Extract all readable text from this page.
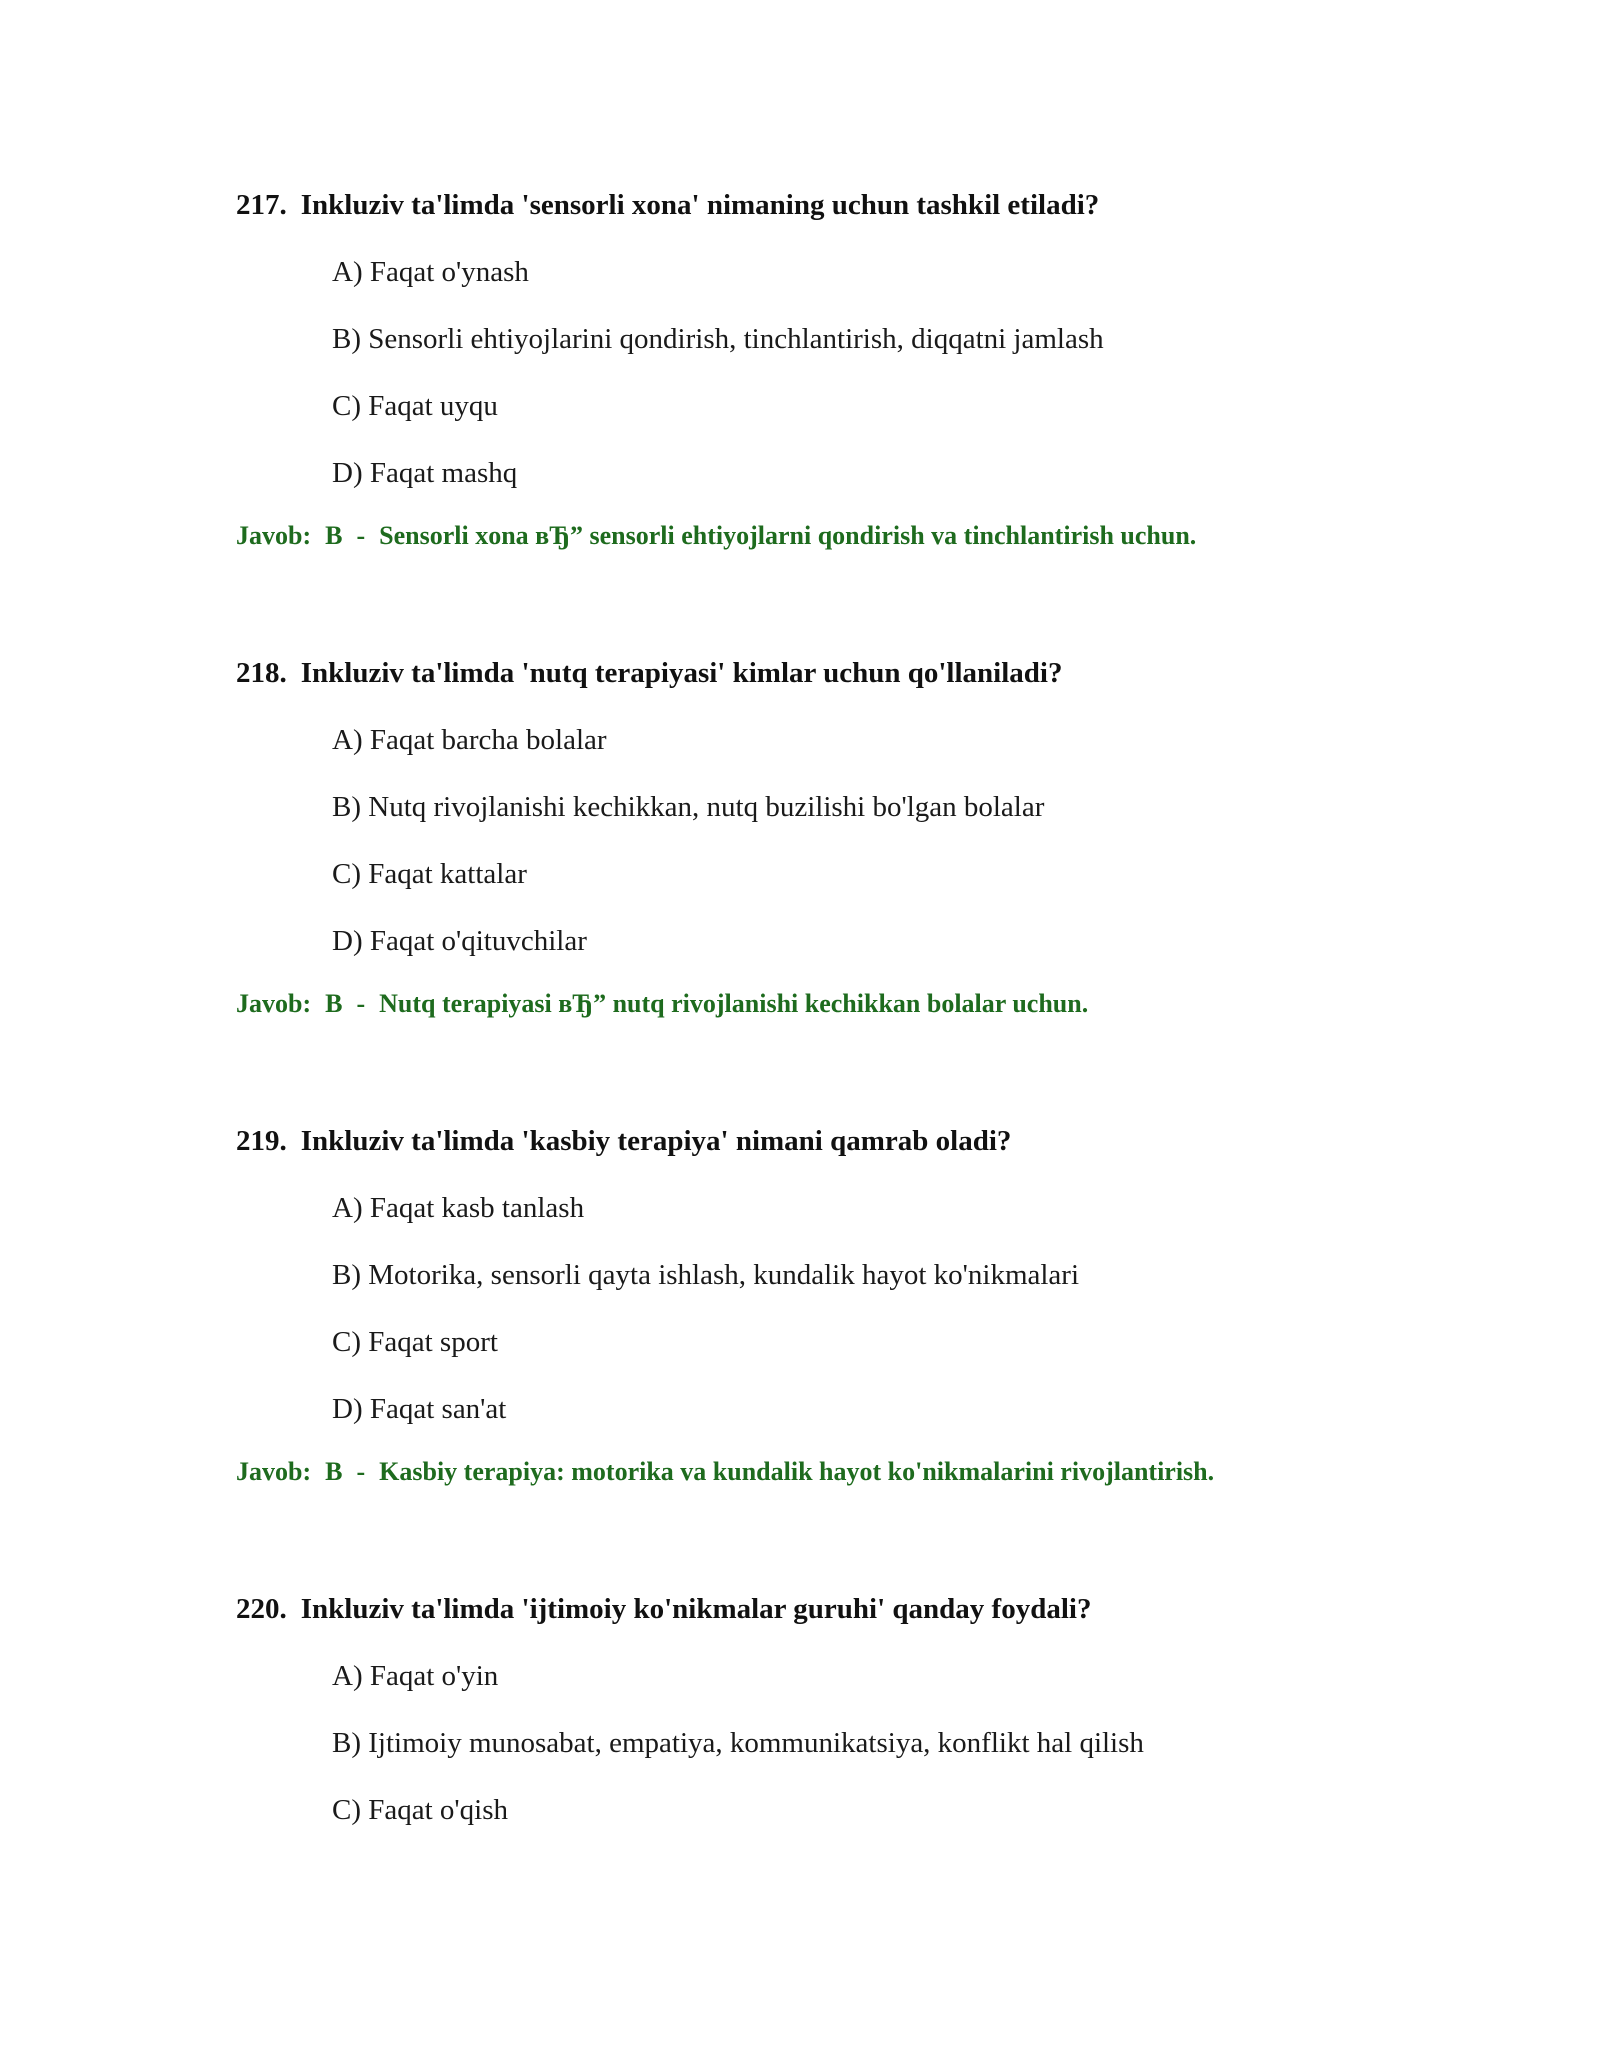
217. Inkluziv ta'limda 'sensorli xona' nimaning uchun tashkil etiladi?
A) Faqat o'ynash
B) Sensorli ehtiyojlarini qondirish, tinchlantirish, diqqatni jamlash
C) Faqat uyqu
D) Faqat mashq
Javob: B - Sensorli xona вЂ” sensorli ehtiyojlarni qondirish va tinchlantirish uchun.
218. Inkluziv ta'limda 'nutq terapiyasi' kimlar uchun qo'llaniladi?
A) Faqat barcha bolalar
B) Nutq rivojlanishi kechikkan, nutq buzilishi bo'lgan bolalar
C) Faqat kattalar
D) Faqat o'qituvchilar
Javob: B - Nutq terapiyasi вЂ” nutq rivojlanishi kechikkan bolalar uchun.
219. Inkluziv ta'limda 'kasbiy terapiya' nimani qamrab oladi?
A) Faqat kasb tanlash
B) Motorika, sensorli qayta ishlash, kundalik hayot ko'nikmalari
C) Faqat sport
D) Faqat san'at
Javob: B - Kasbiy terapiya: motorika va kundalik hayot ko'nikmalarini rivojlantirish.
220. Inkluziv ta'limda 'ijtimoiy ko'nikmalar guruhi' qanday foydali?
A) Faqat o'yin
B) Ijtimoiy munosabat, empatiya, kommunikatsiya, konflikt hal qilish
C) Faqat o'qish
